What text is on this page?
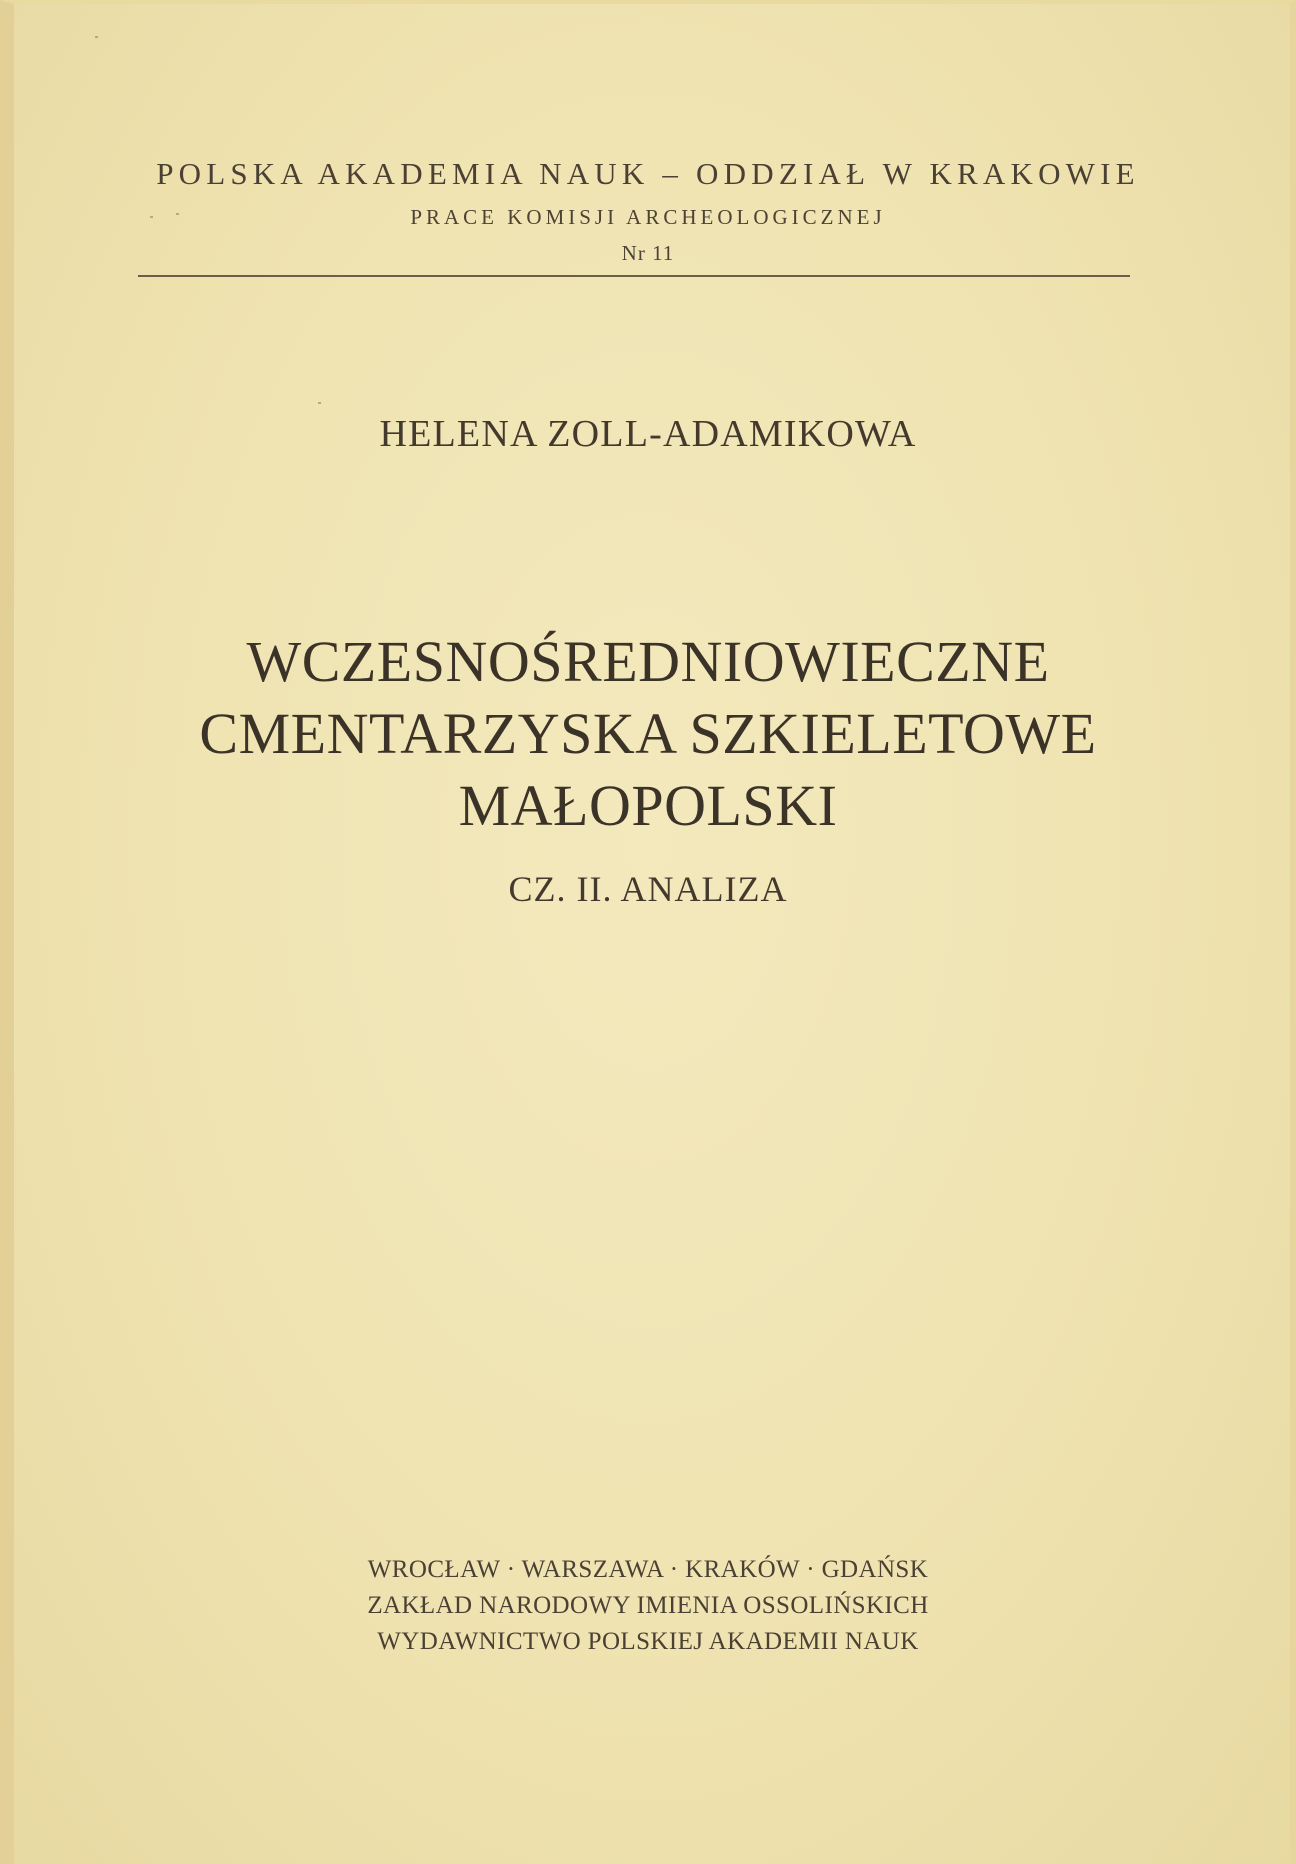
POLSKA AKADEMIA NAUK – ODDZIAŁ W KRAKOWIE
PRACE KOMISJI ARCHEOLOGICZNEJ
Nr 11
HELENA ZOLL-ADAMIKOWA
WCZESNOŚREDNIOWIECZNE
CMENTARZYSKA SZKIELETOWE
MAŁOPOLSKI
CZ. II. ANALIZA
WROCŁAW · WARSZAWA · KRAKÓW · GDAŃSK
ZAKŁAD NARODOWY IMIENIA OSSOLIŃSKICH
WYDAWNICTWO POLSKIEJ AKADEMII NAUK
